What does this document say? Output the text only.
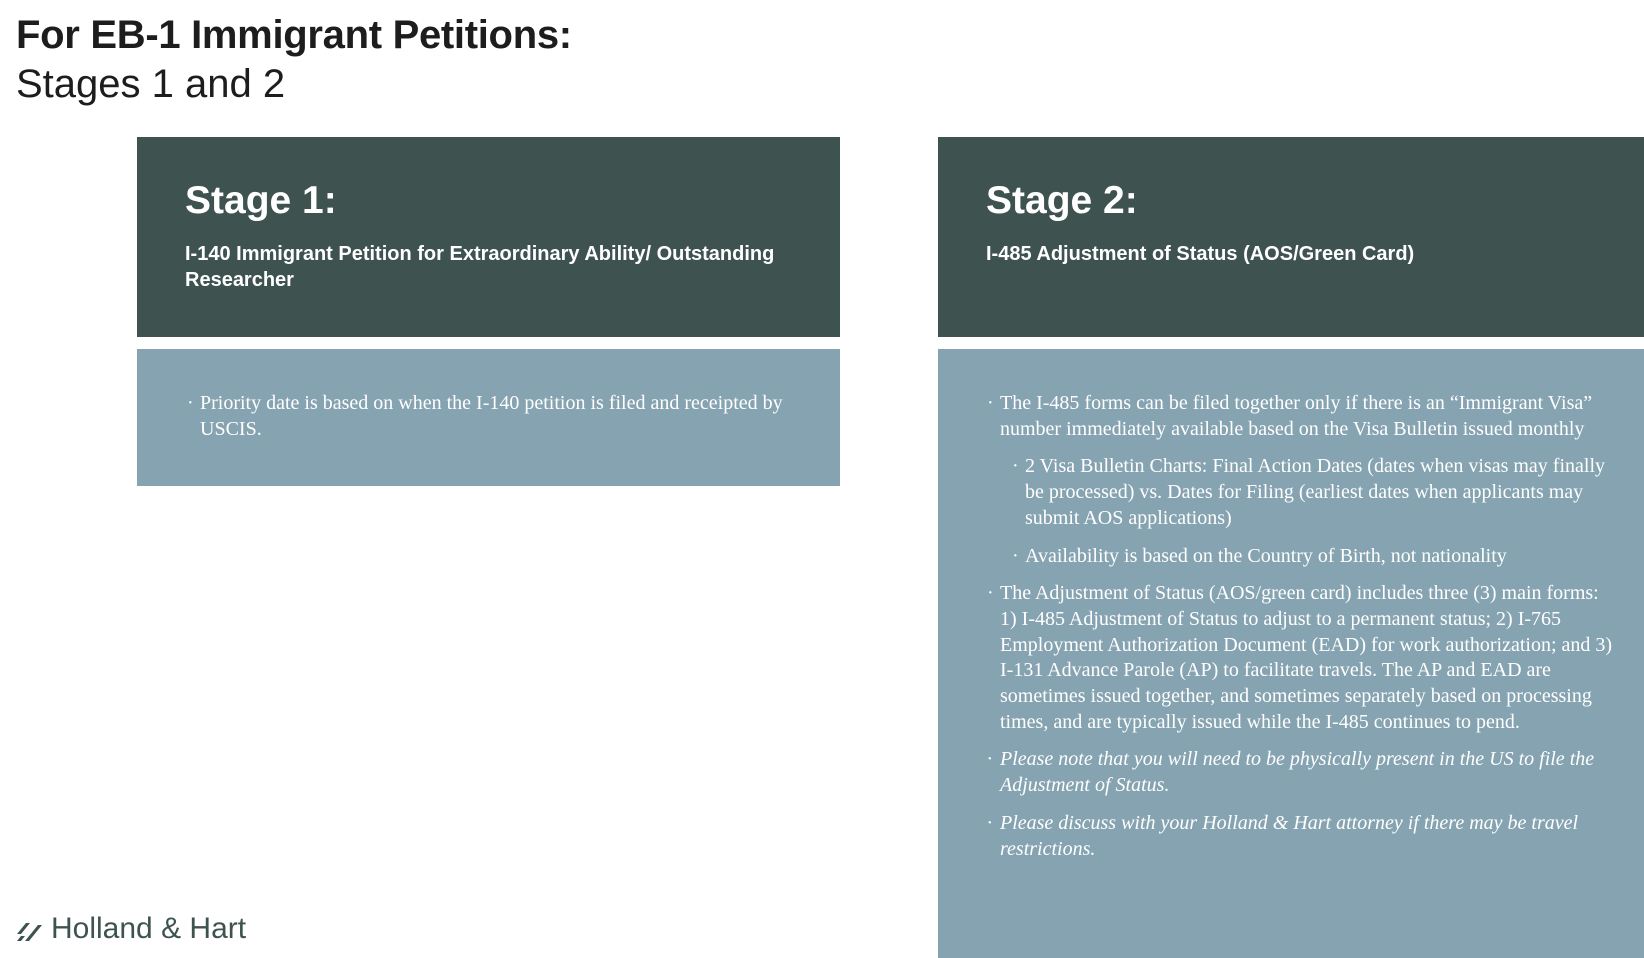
For EB-1 Immigrant Petitions:
Stages 1 and 2
Stage 1:
I-140 Immigrant Petition for Extraordinary Ability/ Outstanding Researcher
· Priority date is based on when the I-140 petition is filed and receipted by USCIS.
Stage 2:
I-485 Adjustment of Status (AOS/Green Card)
· The I-485 forms can be filed together only if there is an “Immigrant Visa” number immediately available based on the Visa Bulletin issued monthly
· 2 Visa Bulletin Charts: Final Action Dates (dates when visas may finally be processed) vs. Dates for Filing (earliest dates when applicants may submit AOS applications)
· Availability is based on the Country of Birth, not nationality
· The Adjustment of Status (AOS/green card) includes three (3) main forms: 1) I-485 Adjustment of Status to adjust to a permanent status; 2) I-765 Employment Authorization Document (EAD) for work authorization; and 3) I-131 Advance Parole (AP) to facilitate travels. The AP and EAD are sometimes issued together, and sometimes separately based on processing times, and are typically issued while the I-485 continues to pend.
· Please note that you will need to be physically present in the US to file the Adjustment of Status.
· Please discuss with your Holland & Hart attorney if there may be travel restrictions.
Holland & Hart
